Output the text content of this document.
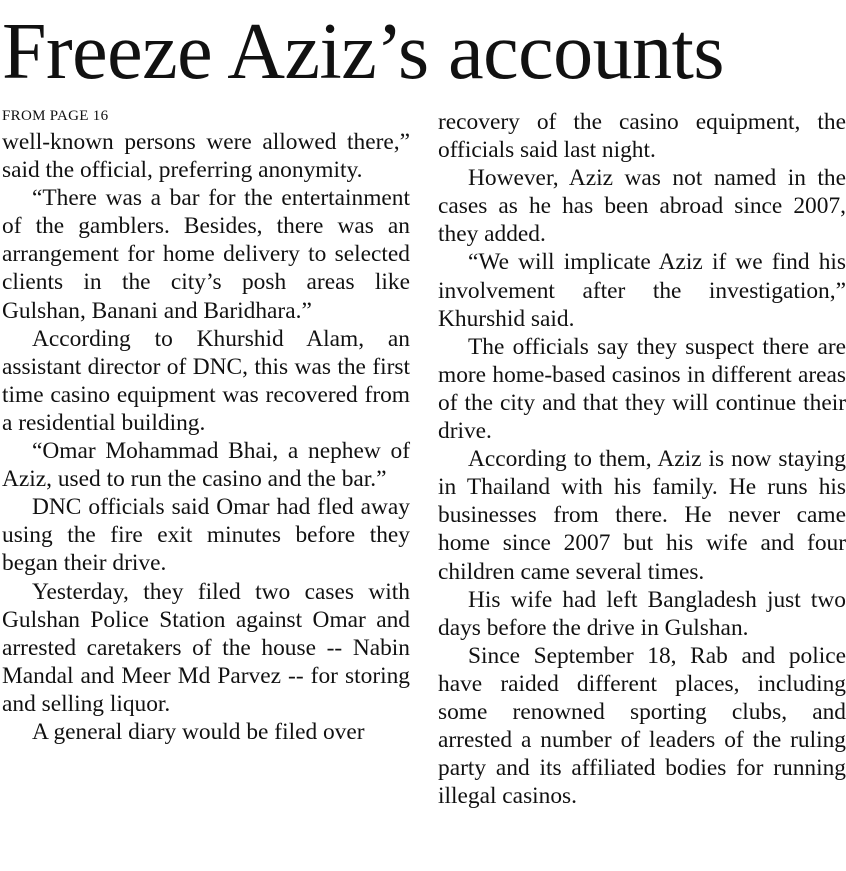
Freeze Aziz’s accounts
FROM PAGE 16

well-known persons were allowed there,” said the official, preferring anonymity.

“There was a bar for the entertainment of the gamblers. Besides, there was an arrangement for home delivery to selected clients in the city’s posh areas like Gulshan, Banani and Baridhara.”

According to Khurshid Alam, an assistant director of DNC, this was the first time casino equipment was recovered from a residential building.

“Omar Mohammad Bhai, a nephew of Aziz, used to run the casino and the bar.”

DNC officials said Omar had fled away using the fire exit minutes before they began their drive.

Yesterday, they filed two cases with Gulshan Police Station against Omar and arrested caretakers of the house -- Nabin Mandal and Meer Md Parvez -- for storing and selling liquor.

A general diary would be filed over

recovery of the casino equipment, the officials said last night.

However, Aziz was not named in the cases as he has been abroad since 2007, they added.

“We will implicate Aziz if we find his involvement after the investigation,” Khurshid said.

The officials say they suspect there are more home-based casinos in different areas of the city and that they will continue their drive.

According to them, Aziz is now staying in Thailand with his family. He runs his businesses from there. He never came home since 2007 but his wife and four children came several times.

His wife had left Bangladesh just two days before the drive in Gulshan.

Since September 18, Rab and police have raided different places, including some renowned sporting clubs, and arrested a number of leaders of the ruling party and its affiliated bodies for running illegal casinos.
